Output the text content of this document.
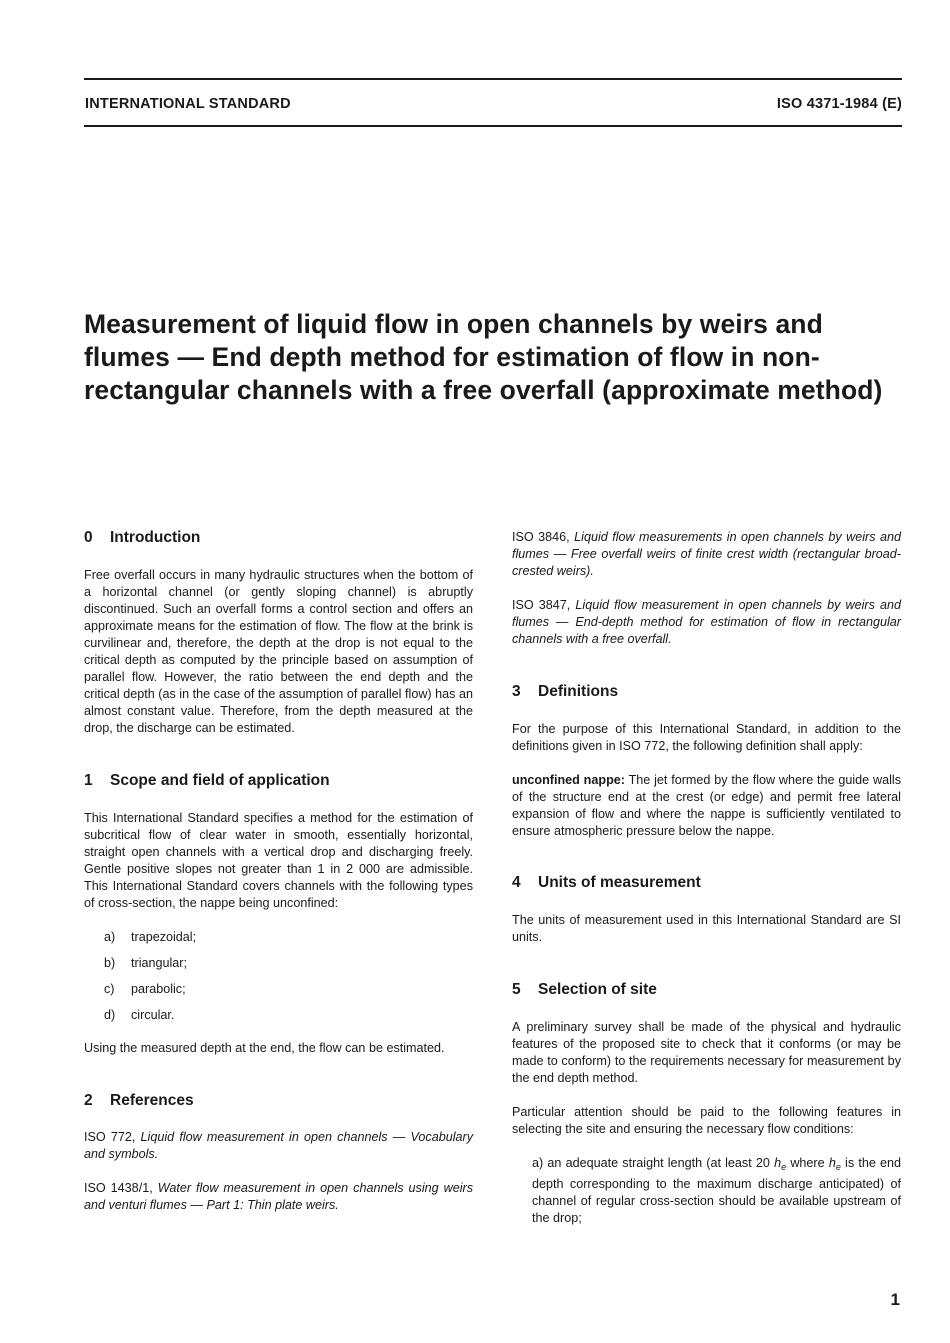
INTERNATIONAL STANDARD	ISO 4371-1984 (E)
Measurement of liquid flow in open channels by weirs and flumes — End depth method for estimation of flow in non-rectangular channels with a free overfall (approximate method)
0 Introduction

Free overfall occurs in many hydraulic structures when the bottom of a horizontal channel (or gently sloping channel) is abruptly discontinued. Such an overfall forms a control section and offers an approximate means for the estimation of flow. The flow at the brink is curvilinear and, therefore, the depth at the drop is not equal to the critical depth as computed by the principle based on assumption of parallel flow. However, the ratio between the end depth and the critical depth (as in the case of the assumption of parallel flow) has an almost constant value. Therefore, from the depth measured at the drop, the discharge can be estimated.

1 Scope and field of application

This International Standard specifies a method for the estimation of subcritical flow of clear water in smooth, essentially horizontal, straight open channels with a vertical drop and discharging freely. Gentle positive slopes not greater than 1 in 2 000 are admissible. This International Standard covers channels with the following types of cross-section, the nappe being unconfined:

a) trapezoidal;
b) triangular;
c) parabolic;
d) circular.

Using the measured depth at the end, the flow can be estimated.

2 References

ISO 772, Liquid flow measurement in open channels — Vocabulary and symbols.

ISO 1438/1, Water flow measurement in open channels using weirs and venturi flumes — Part 1: Thin plate weirs.

ISO 3846, Liquid flow measurements in open channels by weirs and flumes — Free overfall weirs of finite crest width (rectangular broad-crested weirs).

ISO 3847, Liquid flow measurement in open channels by weirs and flumes — End-depth method for estimation of flow in rectangular channels with a free overfall.

3 Definitions

For the purpose of this International Standard, in addition to the definitions given in ISO 772, the following definition shall apply:

unconfined nappe: The jet formed by the flow where the guide walls of the structure end at the crest (or edge) and permit free lateral expansion of flow and where the nappe is sufficiently ventilated to ensure atmospheric pressure below the nappe.

4 Units of measurement

The units of measurement used in this International Standard are SI units.

5 Selection of site

A preliminary survey shall be made of the physical and hydraulic features of the proposed site to check that it conforms (or may be made to conform) to the requirements necessary for measurement by the end depth method.

Particular attention should be paid to the following features in selecting the site and ensuring the necessary flow conditions:

a) an adequate straight length (at least 20 $h_e$ where $h_e$ is the end depth corresponding to the maximum discharge anticipated) of channel of regular cross-section should be available upstream of the drop;

1
